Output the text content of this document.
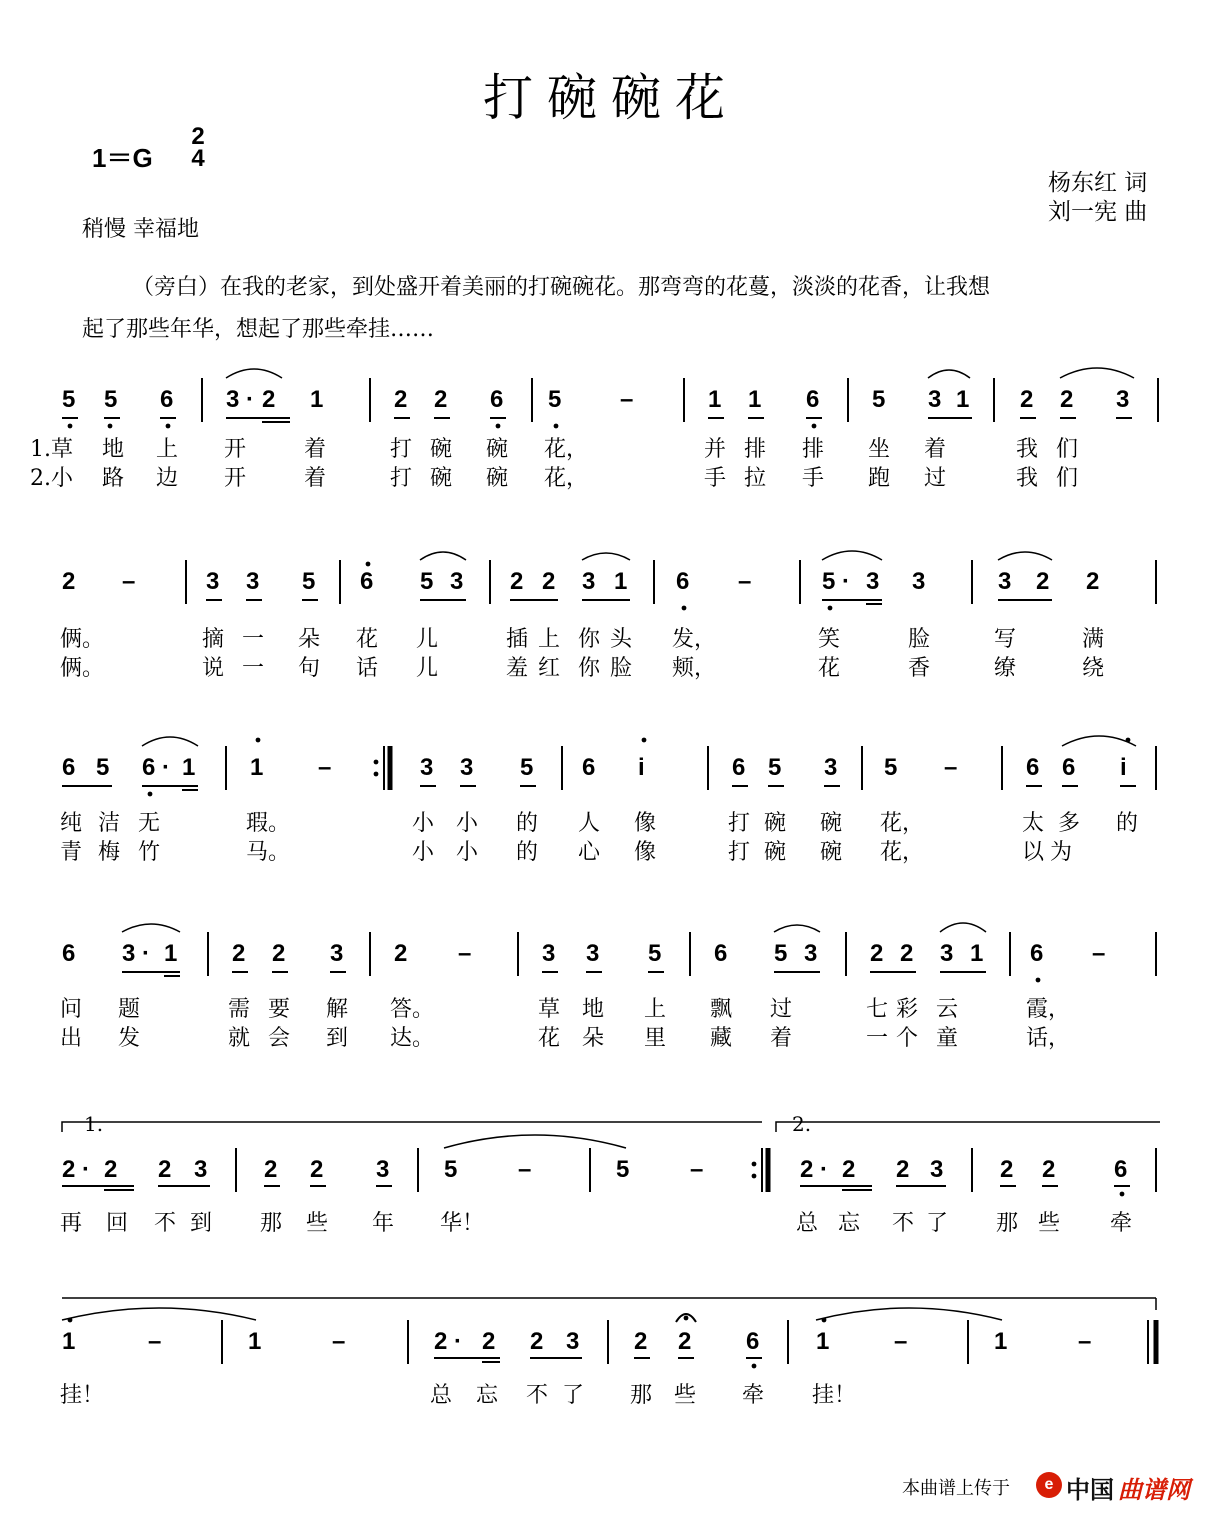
打碗碗花
1＝G
2
4
稍慢 幸福地
杨东红 词
刘一宪 曲
（旁白）在我的老家，到处盛开着美丽的打碗碗花。那弯弯的花蔓，淡淡的花香，让我想
起了那些年华，想起了那些牵挂……
5 5 6 3 · 2 1	2 2 6 5 –	1 1 6 5 3 1 2 2 3
1.草 地 上 开	着	打 碗 碗 花，	并 排 排 坐 着	我 们
2.小 路 边 开	着	打 碗 碗 花，	手 拉 手 跑 过	我 们
2 –	3 3 5 6 5 3 2 2 3 1 6 –	5 · 3 3	3 2 2
俩。	摘 一 朵 花 儿	插 上 你 头 发，	笑	脸	写	满
俩。	说 一 句 话 儿	羞 红 你 脸 颊，	花	香	缭	绕
6 5 6 · 1 1 –	3 3 5 6 i	6 5 3 5 –	6 6 i
纯 洁 无	瑕。	小 小 的 人 像	打 碗 碗 花，	太 多 的
青 梅 竹	马。	小 小 的 心 像	打 碗 碗 花，	以 为
6 3 · 1 2 2 3 2 –	3 3 5 6 5 3 2 2 3 1 6 –
问 题	需 要 解 答。	草 地 上 飘 过	七 彩 云	霞，
出 发	就 会 到 达。	花 朵 里 藏 着	一 个 童	话，
1.	2.
2 · 2 2 3 2 2 3 5	–	5	–	2 · 2 2 3 2 2 6
再 回 不 到 那 些 年 华！	总 忘 不 了 那 些 牵
1	–	1	–	2 · 2 2 3 2 2 6 1	–	1	–
挂！	总 忘 不 了 那 些 牵 挂！
本曲谱上传于	e 中国 曲谱网
